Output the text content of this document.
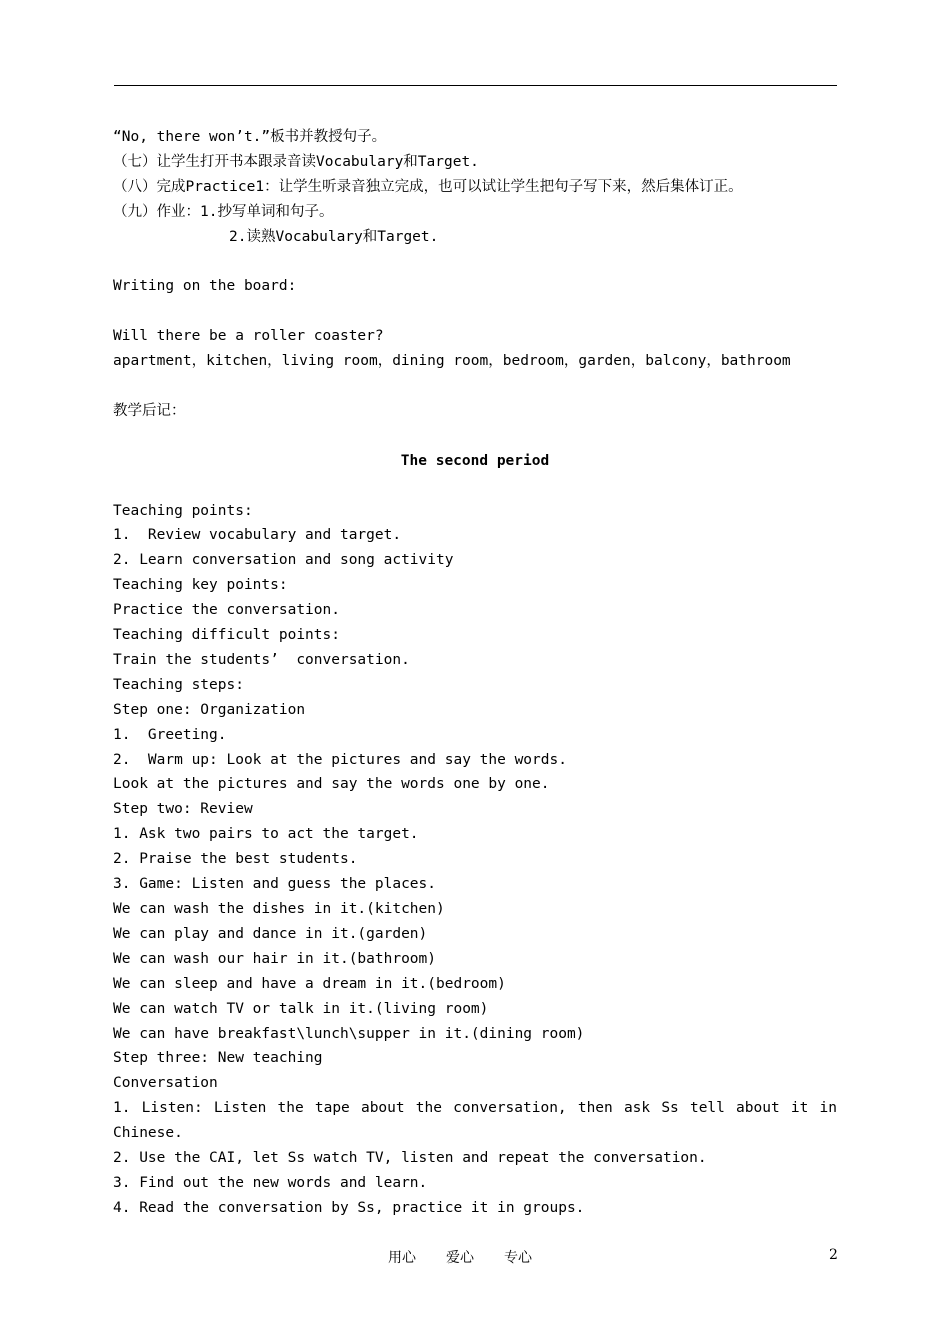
“No, there won’t.”板书并教授句子。
（七）让学生打开书本跟录音读Vocabulary和Target.
（八）完成Practice1：让学生听录音独立完成，也可以试让学生把句子写下来，然后集体订正。
（九）作业：1.抄写单词和句子。
2.读熟Vocabulary和Target.
Writing on the board:
Will there be a roller coaster?
apartment，kitchen，living room，dining room，bedroom，garden，balcony，bathroom
教学后记：
The second period
Teaching points:
1.  Review vocabulary and target.
2. Learn conversation and song activity
Teaching key points:
Practice the conversation.
Teaching difficult points:
Train the students’  conversation.
Teaching steps:
Step one: Organization
1.  Greeting.
2.  Warm up: Look at the pictures and say the words.
Look at the pictures and say the words one by one.
Step two: Review
1. Ask two pairs to act the target.
2. Praise the best students.
3. Game: Listen and guess the places.
We can wash the dishes in it.(kitchen)
We can play and dance in it.(garden)
We can wash our hair in it.(bathroom)
We can sleep and have a dream in it.(bedroom)
We can watch TV or talk in it.(living room)
We can have breakfast\lunch\supper in it.(dining room)
Step three: New teaching
Conversation
1. Listen: Listen the tape about the conversation, then ask Ss tell about it in
Chinese.
2. Use the CAI, let Ss watch TV, listen and repeat the conversation.
3. Find out the new words and learn.
4. Read the conversation by Ss, practice it in groups.
用心 爱心 专心	2
